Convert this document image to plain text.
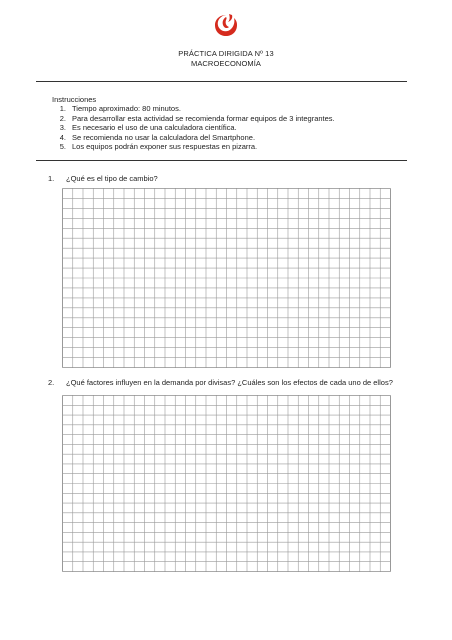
PRÁCTICA DIRIGIDA Nº 13
MACROECONOMÍA
Instrucciones
1. Tiempo aproximado: 80 minutos.
2. Para desarrollar esta actividad se recomienda formar equipos de 3 integrantes.
3. Es necesario el uso de una calculadora científica.
4. Se recomienda no usar la calculadora del Smartphone.
5. Los equipos podrán exponer sus respuestas en pizarra.
1. ¿Qué es el tipo de cambio?
2. ¿Qué factores influyen en la demanda por divisas? ¿Cuáles son los efectos de cada uno de ellos?
